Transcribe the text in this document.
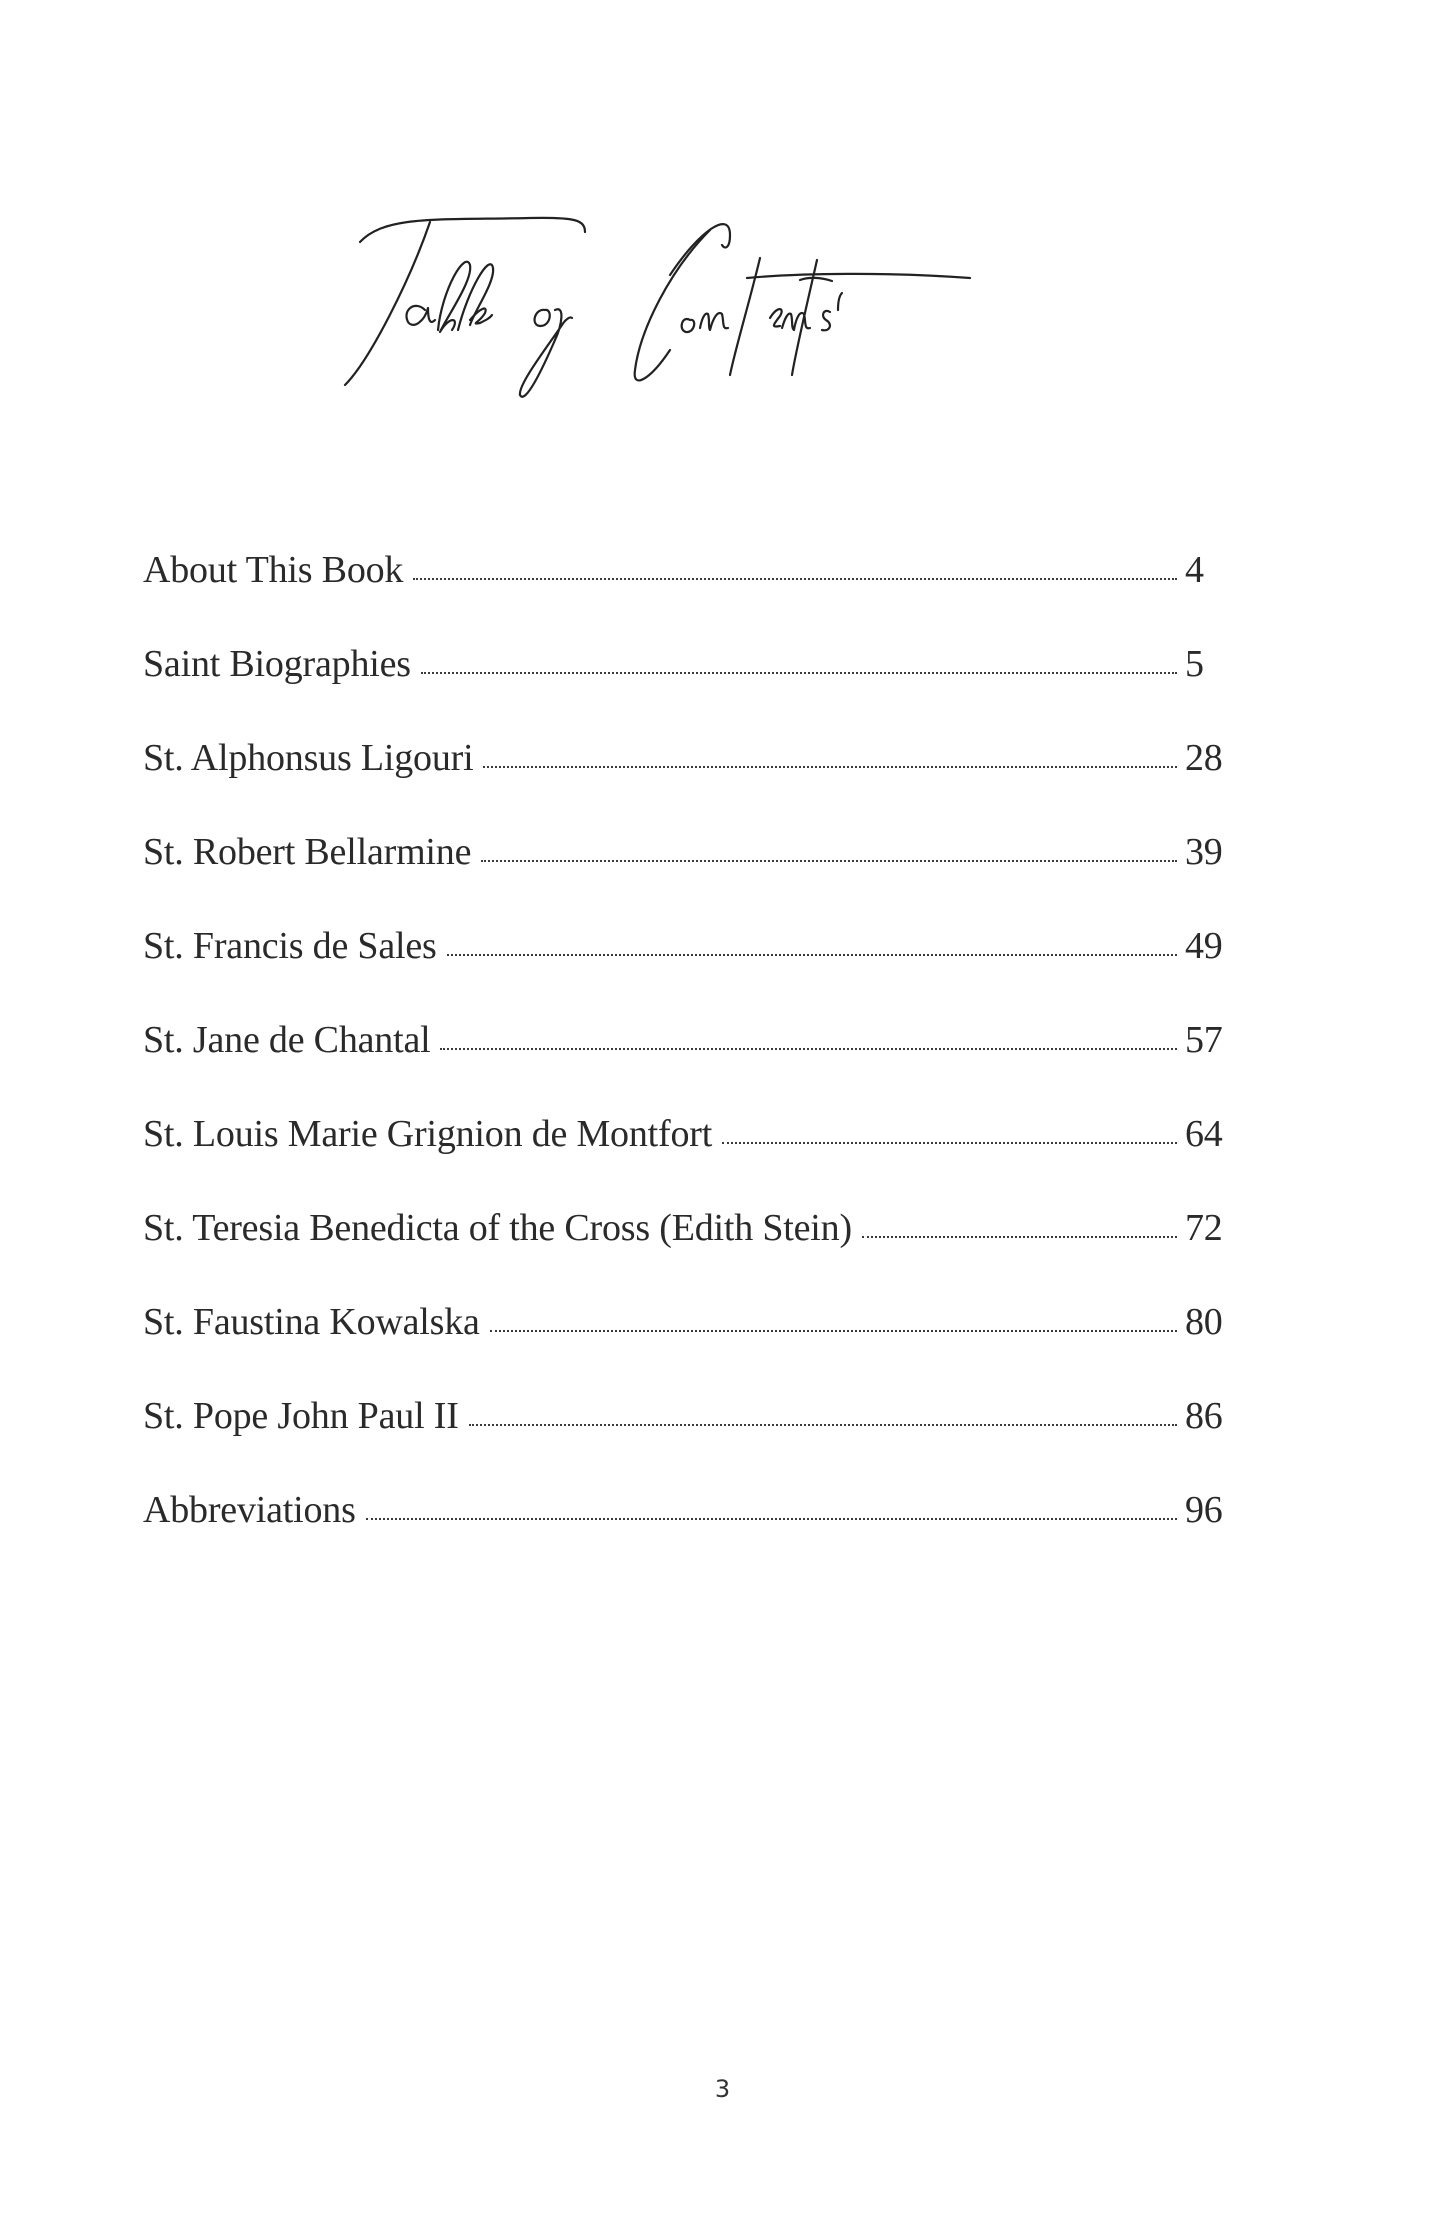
About This Book	4
Saint Biographies	5
St. Alphonsus Ligouri	28
St. Robert Bellarmine	39
St. Francis de Sales	49
St. Jane de Chantal	57
St. Louis Marie Grignion de Montfort	64
St. Teresia Benedicta of the Cross (Edith Stein)	72
St. Faustina Kowalska	80
St. Pope John Paul II	86
Abbreviations	96
3
